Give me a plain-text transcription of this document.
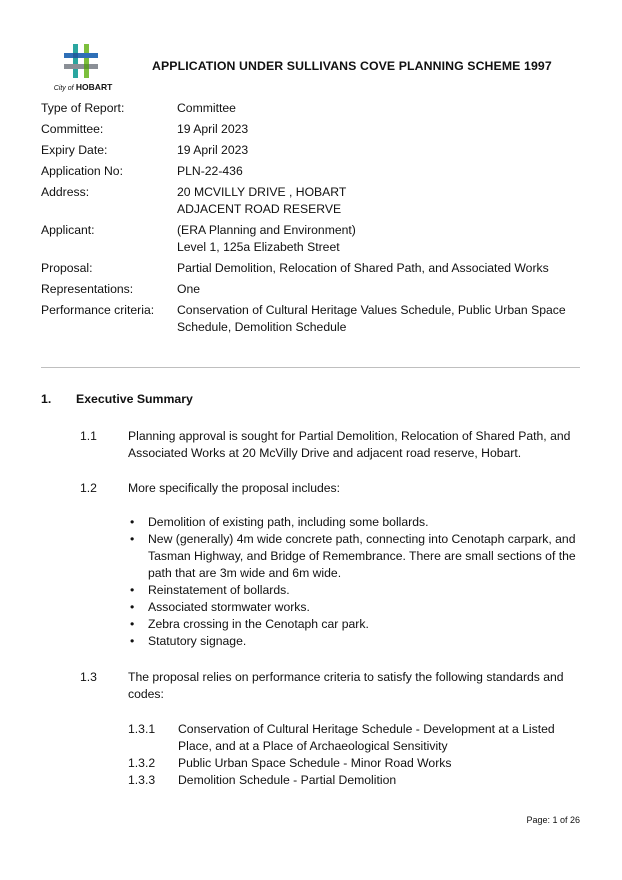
City of HOBART
APPLICATION UNDER SULLIVANS COVE PLANNING SCHEME 1997
Type of Report:	Committee
Committee:	19 April 2023
Expiry Date:	19 April 2023
Application No:	PLN-22-436
Address:	20 MCVILLY DRIVE , HOBART
ADJACENT ROAD RESERVE
Applicant:	(ERA Planning and Environment)
Level 1, 125a Elizabeth Street
Proposal:	Partial Demolition, Relocation of Shared Path, and Associated Works
Representations:	One
Performance criteria:	Conservation of Cultural Heritage Values Schedule, Public Urban Space Schedule, Demolition Schedule
1. Executive Summary
1.1	Planning approval is sought for Partial Demolition, Relocation of Shared Path, and Associated Works at 20 McVilly Drive and adjacent road reserve, Hobart.
1.2	More specifically the proposal includes:
• Demolition of existing path, including some bollards.
• New (generally) 4m wide concrete path, connecting into Cenotaph carpark, and Tasman Highway, and Bridge of Remembrance. There are small sections of the path that are 3m wide and 6m wide.
• Reinstatement of bollards.
• Associated stormwater works.
• Zebra crossing in the Cenotaph car park.
• Statutory signage.
1.3	The proposal relies on performance criteria to satisfy the following standards and codes:
1.3.1	Conservation of Cultural Heritage Schedule - Development at a Listed Place, and at a Place of Archaeological Sensitivity
1.3.2	Public Urban Space Schedule - Minor Road Works
1.3.3	Demolition Schedule - Partial Demolition
Page: 1 of 26
